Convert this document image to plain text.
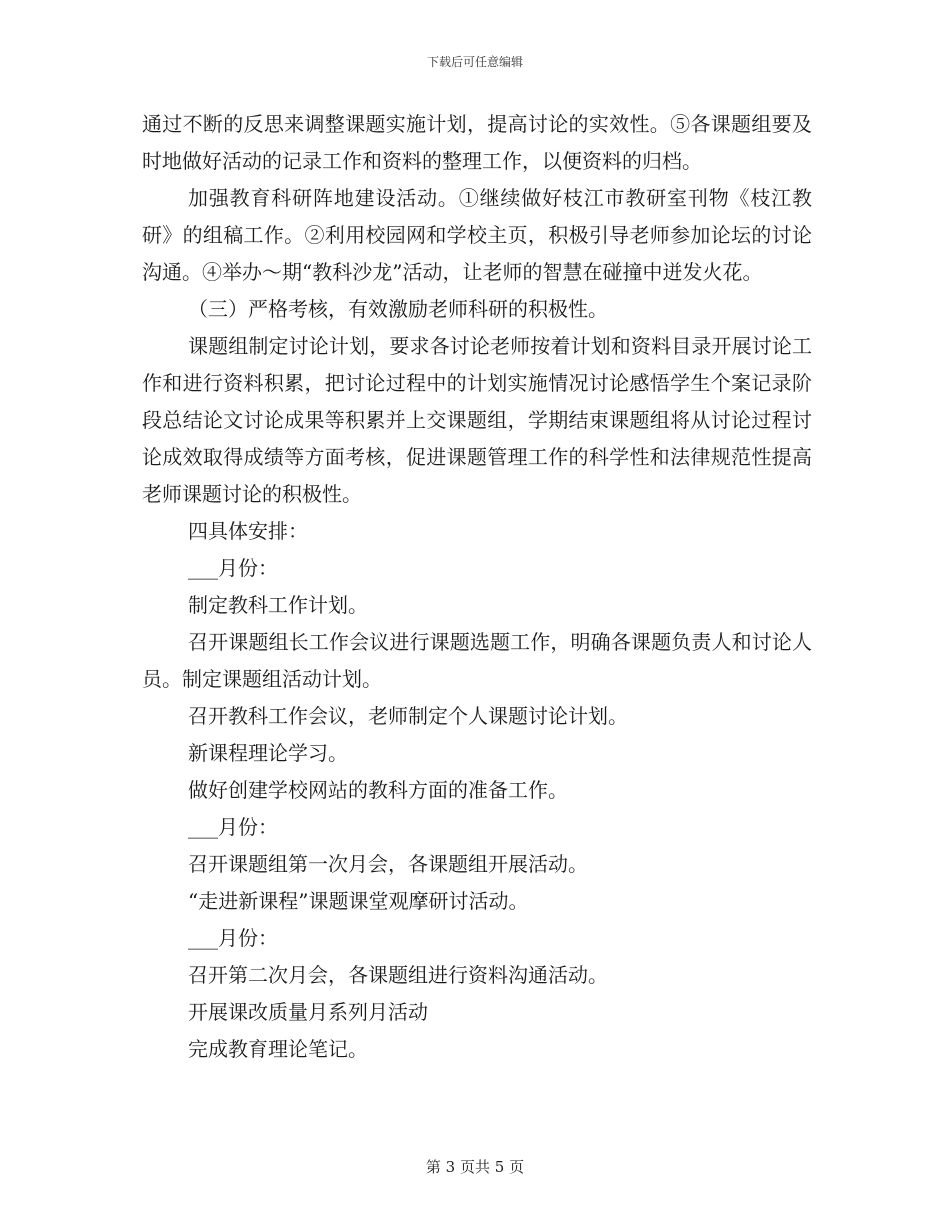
下载后可任意编辑

通过不断的反思来调整课题实施计划，提高讨论的实效性。⑤各课题组要及时地做好活动的记录工作和资料的整理工作，以便资料的归档。

加强教育科研阵地建设活动。①继续做好枝江市教研室刊物《枝江教研》的组稿工作。②利用校园网和学校主页，积极引导老师参加论坛的讨论沟通。④举办～期“教科沙龙”活动，让老师的智慧在碰撞中迸发火花。

（三）严格考核，有效激励老师科研的积极性。

课题组制定讨论计划，要求各讨论老师按着计划和资料目录开展讨论工作和进行资料积累，把讨论过程中的计划实施情况讨论感悟学生个案记录阶段总结论文讨论成果等积累并上交课题组，学期结束课题组将从讨论过程讨论成效取得成绩等方面考核，促进课题管理工作的科学性和法律规范性提高老师课题讨论的积极性。

四具体安排：

___月份：

制定教科工作计划。

召开课题组长工作会议进行课题选题工作，明确各课题负责人和讨论人员。制定课题组活动计划。

召开教科工作会议，老师制定个人课题讨论计划。

新课程理论学习。

做好创建学校网站的教科方面的准备工作。

___月份：

召开课题组第一次月会，各课题组开展活动。

“走进新课程”课题课堂观摩研讨活动。

___月份：

召开第二次月会，各课题组进行资料沟通活动。

开展课改质量月系列月活动

完成教育理论笔记。

第 3 页共 5 页
